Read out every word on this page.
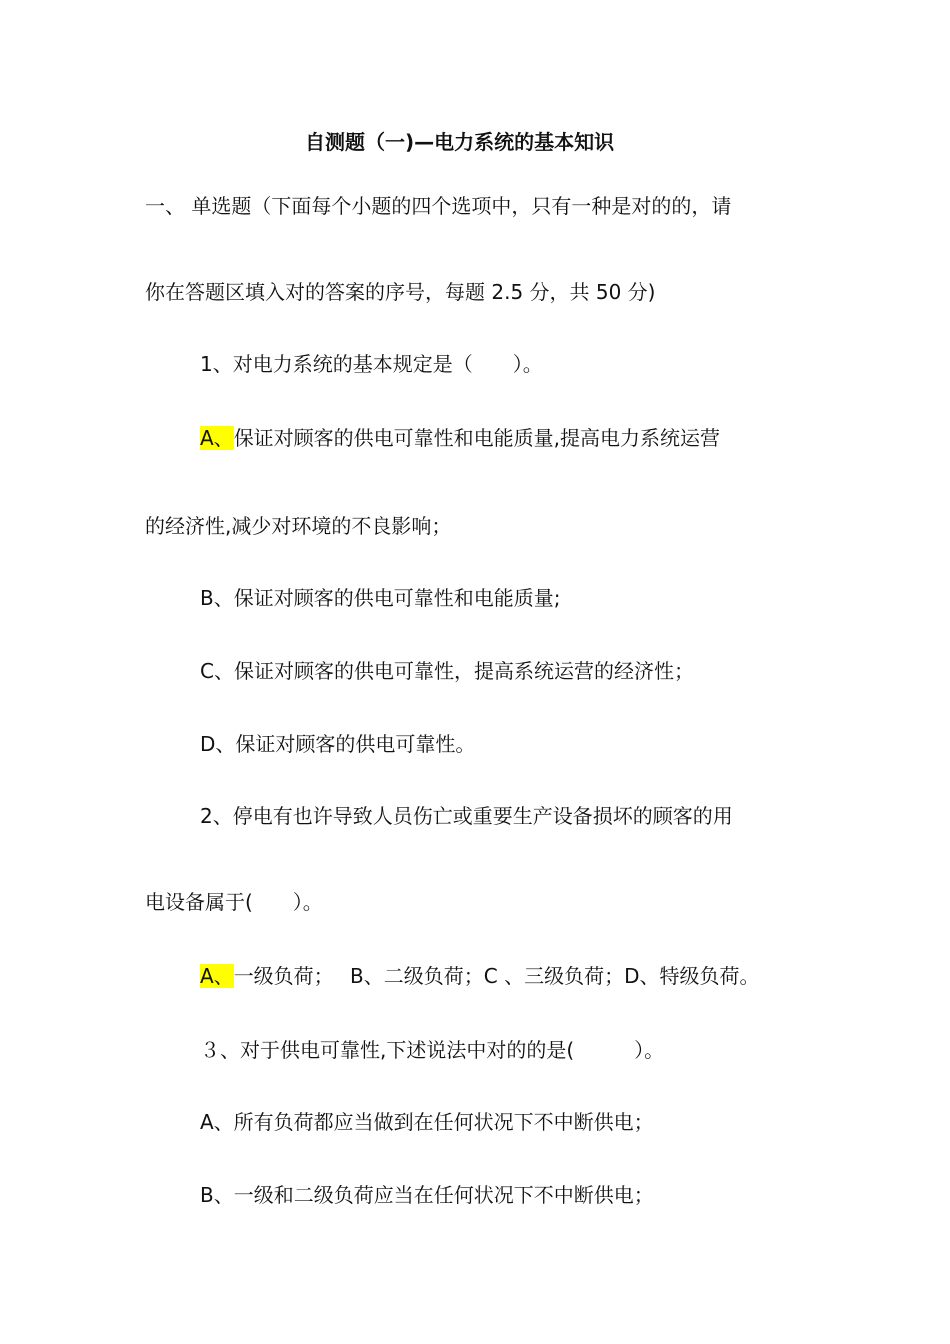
自测题（一)—电力系统的基本知识
一、 单选题（下面每个小题的四个选项中，只有一种是对的的，请
你在答题区填入对的答案的序号，每题 2.5 分，共 50 分)
1、对电力系统的基本规定是（　　）。
A、保证对顾客的供电可靠性和电能质量,提高电力系统运营
的经济性,减少对环境的不良影响；
B、保证对顾客的供电可靠性和电能质量;
C、保证对顾客的供电可靠性，提高系统运营的经济性；
D、保证对顾客的供电可靠性。
2、停电有也许导致人员伤亡或重要生产设备损坏的顾客的用
电设备属于(　　）。
A、一级负荷；　 B、二级负荷；C 、三级负荷；D、特级负荷。
３、对于供电可靠性,下述说法中对的的是(　　　）。
A、所有负荷都应当做到在任何状况下不中断供电；
B、一级和二级负荷应当在任何状况下不中断供电；
